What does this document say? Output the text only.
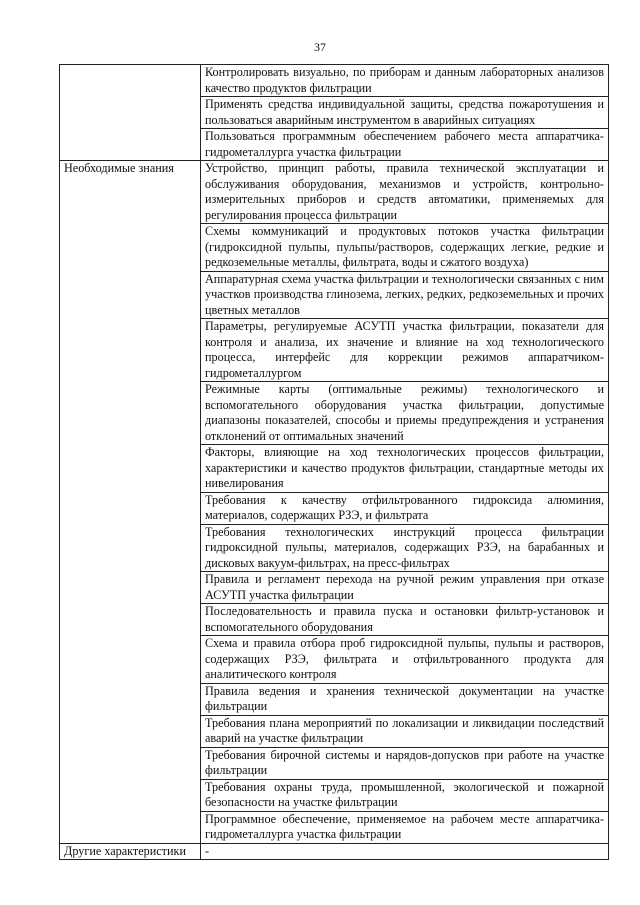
37
	Контролировать визуально, по приборам и данным лабораторных анализов качество продуктов фильтрации
	Применять средства индивидуальной защиты, средства пожаротушения и пользоваться аварийным инструментом в аварийных ситуациях
	Пользоваться программным обеспечением рабочего места аппаратчика-гидрометаллурга участка фильтрации
Необходимые знания	Устройство, принцип работы, правила технической эксплуатации и обслуживания оборудования, механизмов и устройств, контрольно-измерительных приборов и средств автоматики, применяемых для регулирования процесса фильтрации
	Схемы коммуникаций и продуктовых потоков участка фильтрации (гидроксидной пульпы, пульпы/растворов, содержащих легкие, редкие и редкоземельные металлы, фильтрата, воды и сжатого воздуха)
	Аппаратурная схема участка фильтрации и технологически связанных с ним участков производства глинозема, легких, редких, редкоземельных и прочих цветных металлов
	Параметры, регулируемые АСУТП участка фильтрации, показатели для контроля и анализа, их значение и влияние на ход технологического процесса, интерфейс для коррекции режимов аппаратчиком-гидрометаллургом
	Режимные карты (оптимальные режимы) технологического и вспомогательного оборудования участка фильтрации, допустимые диапазоны показателей, способы и приемы предупреждения и устранения отклонений от оптимальных значений
	Факторы, влияющие на ход технологических процессов фильтрации, характеристики и качество продуктов фильтрации, стандартные методы их нивелирования
	Требования к качеству отфильтрованного гидроксида алюминия, материалов, содержащих РЗЭ, и фильтрата
	Требования технологических инструкций процесса фильтрации гидроксидной пульпы, материалов, содержащих РЗЭ, на барабанных и дисковых вакуум-фильтрах, на пресс-фильтрах
	Правила и регламент перехода на ручной режим управления при отказе АСУТП участка фильтрации
	Последовательность и правила пуска и остановки фильтр-установок и вспомогательного оборудования
	Схема и правила отбора проб гидроксидной пульпы, пульпы и растворов, содержащих РЗЭ, фильтрата и отфильтрованного продукта для аналитического контроля
	Правила ведения и хранения технической документации на участке фильтрации
	Требования плана мероприятий по локализации и ликвидации последствий аварий на участке фильтрации
	Требования бирочной системы и нарядов-допусков при работе на участке фильтрации
	Требования охраны труда, промышленной, экологической и пожарной безопасности на участке фильтрации
	Программное обеспечение, применяемое на рабочем месте аппаратчика-гидрометаллурга участка фильтрации
Другие характеристики	-
